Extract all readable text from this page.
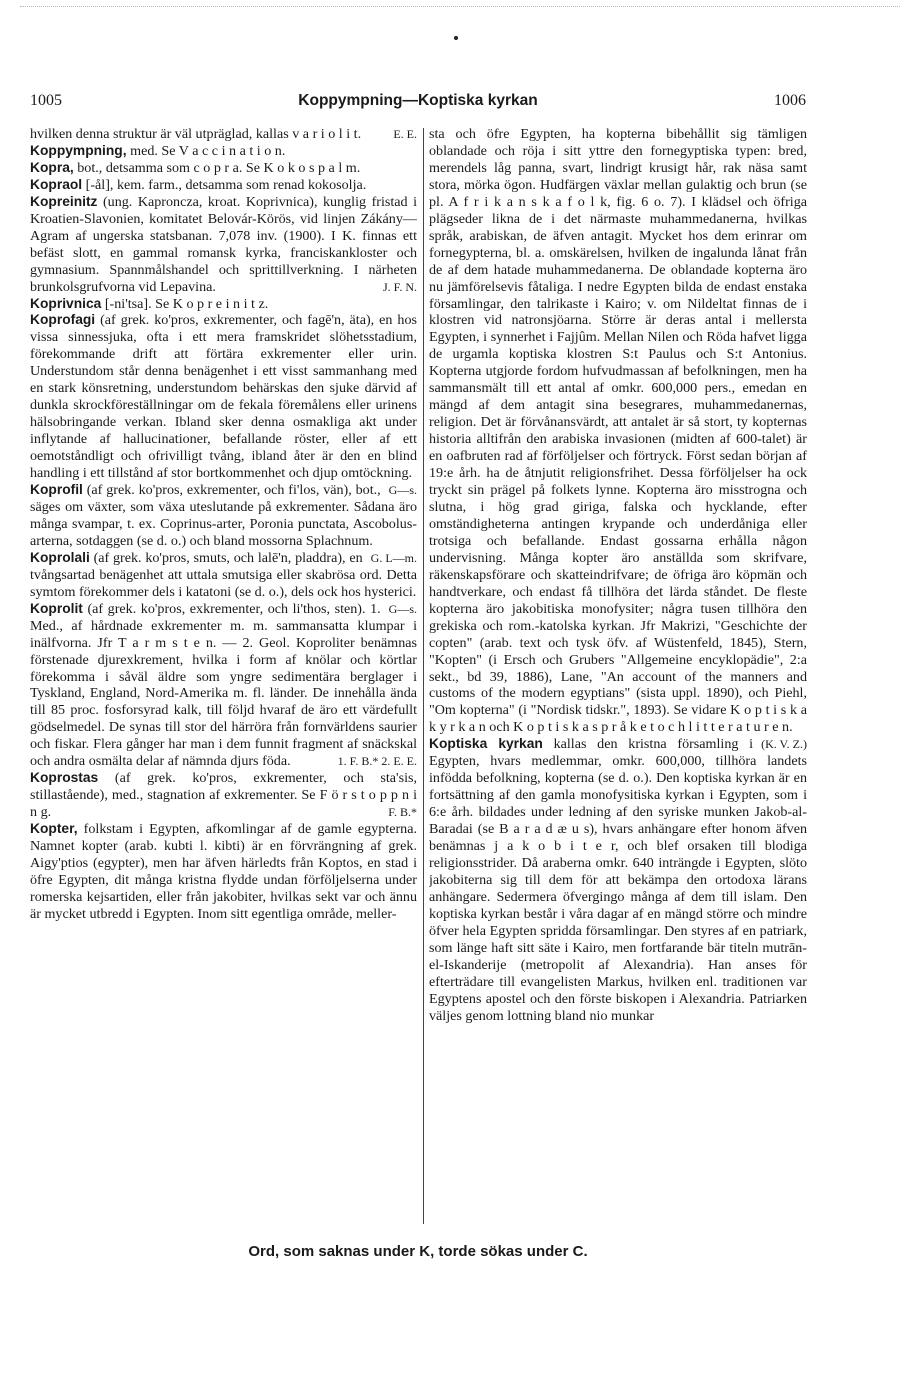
1005	Koppympning—Koptiska kyrkan	1006

hvilken denna struktur är väl utpräglad, kallas v a r i o l i t.	E. E.

Koppympning, med. Se V a c c i n a t i o n.

Kopra, bot., detsamma som c o p r a. Se K o k o s p a l m.

Kopraol [-ål], kem. farm., detsamma som renad kokosolja.

Kopreinitz (ung. Kaproncza, kroat. Koprivnica), kunglig fristad i Kroatien-Slavonien, komitatet Belovár-Körös, vid linjen Zákány—Agram af ungerska statsbanan. 7,078 inv. (1900). I K. finnas ett befäst slott, en gammal romansk kyrka, franciskankloster och gymnasium. Spannmålshandel och sprittillverkning. I närheten brunkolsgrufvorna vid Lepavina.	J. F. N.

Koprivnica [-ni'tsa]. Se K o p r e i n i t z.

Koprofagi (af grek. ko'pros, exkrementer, och fagē'n, äta), en hos vissa sinnessjuka, ofta i ett mera framskridet slöhetsstadium, förekommande drift att förtära exkrementer eller urin. Understundom står denna benägenhet i ett visst sammanhang med en stark könsretning, understundom behärskas den sjuke därvid af dunkla skrockföreställningar om de fekala föremålens eller urinens hälsobringande verkan. Ibland sker denna osmakliga akt under inflytande af hallucinationer, befallande röster, eller af ett oemotståndligt och ofrivilligt tvång, ibland åter är den en blind handling i ett tillstånd af stor bortkommenhet och djup omtöckning.
G—s.

Koprofil (af grek. ko'pros, exkrementer, och fi'los, vän), bot., säges om växter, som växa uteslutande på exkrementer. Sådana äro många svampar, t. ex. Coprinus-arter, Poronia punctata, Ascobolus-arterna, sotdaggen (se d. o.) och bland mossorna Splachnum.
G. L—m.

Koprolali (af grek. ko'pros, smuts, och lalē'n, pladdra), en tvångsartad benägenhet att uttala smutsiga eller skabrösa ord. Detta symtom förekommer dels i katatoni (se d. o.), dels ock hos hysterici.
G—s.

Koprolit (af grek. ko'pros, exkrementer, och li'thos, sten). 1. Med., af hårdnade exkrementer m. m. sammansatta klumpar i inälfvorna. Jfr T a r m s t e n. — 2. Geol. Koproliter benämnas förstenade djurexkrement, hvilka i form af knölar och körtlar förekomma i såväl äldre som yngre sedimentära berglager i Tyskland, England, Nord-Amerika m. fl. länder. De innehålla ända till 85 proc. fosforsyrad kalk, till följd hvaraf de äro ett värdefullt gödselmedel. De synas till stor del härröra från fornvärldens saurier och fiskar. Flera gånger har man i dem funnit fragment af snäckskal och andra osmälta delar af nämnda djurs föda.	1. F. B.* 2. E. E.

Koprostas (af grek. ko'pros, exkrementer, och sta'sis, stillastående), med., stagnation af exkrementer. Se F ö r s t o p p n i n g.	F. B.*

Kopter, folkstam i Egypten, afkomlingar af de gamle egypterna. Namnet kopter (arab. kubti l. kibti) är en förvrängning af grek. Aigy'ptios (egypter), men har äfven härledts från Koptos, en stad i öfre Egypten, dit många kristna flydde undan förföljelserna under romerska kejsartiden, eller från jakobiter, hvilkas sekt var och ännu är mycket utbredd i Egypten. Inom sitt egentliga område, meller-

sta och öfre Egypten, ha kopterna bibehållit sig tämligen oblandade och röja i sitt yttre den fornegyptiska typen: bred, merendels låg panna, svart, lindrigt krusigt hår, rak näsa samt stora, mörka ögon. Hudfärgen växlar mellan gulaktig och brun (se pl. A f r i k a n s k a f o l k, fig. 6 o. 7). I klädsel och öfriga plägseder likna de i det närmaste muhammedanerna, hvilkas språk, arabiskan, de äfven antagit. Mycket hos dem erinrar om fornegypterna, bl. a. omskärelsen, hvilken de ingalunda lånat från de af dem hatade muhammedanerna. De oblandade kopterna äro nu jämförelsevis fåtaliga. I nedre Egypten bilda de endast enstaka församlingar, den talrikaste i Kairo; v. om Nildeltat finnas de i klostren vid natronsjöarna. Större är deras antal i mellersta Egypten, i synnerhet i Fajjûm. Mellan Nilen och Röda hafvet ligga de urgamla koptiska klostren S:t Paulus och S:t Antonius. Kopterna utgjorde fordom hufvudmassan af befolkningen, men ha sammansmält till ett antal af omkr. 600,000 pers., emedan en mängd af dem antagit sina besegrares, muhammedanernas, religion. Det är förvånansvärdt, att antalet är så stort, ty kopternas historia alltifrån den arabiska invasionen (midten af 600-talet) är en oafbruten rad af förföljelser och förtryck. Först sedan början af 19:e årh. ha de åtnjutit religionsfrihet. Dessa förföljelser ha ock tryckt sin prägel på folkets lynne. Kopterna äro misstrogna och slutna, i hög grad giriga, falska och hycklande, efter omständigheterna antingen krypande och underdåniga eller trotsiga och befallande. Endast gossarna erhålla någon undervisning. Många kopter äro anställda som skrifvare, räkenskapsförare och skatteindrifvare; de öfriga äro köpmän och handtverkare, och endast få tillhöra det lärda ståndet. De fleste kopterna äro jakobitiska monofysiter; några tusen tillhöra den grekiska och rom.-katolska kyrkan. Jfr Makrizi, "Geschichte der copten" (arab. text och tysk öfv. af Wüstenfeld, 1845), Stern, "Kopten" (i Ersch och Grubers "Allgemeine encyklopädie", 2:a sekt., bd 39, 1886), Lane, "An account of the manners and customs of the modern egyptians" (sista uppl. 1890), och Piehl, "Om kopterna" (i "Nordisk tidskr.", 1893). Se vidare K o p t i s k a k y r k a n och K o p t i s k a s p r å k e t o c h l i t t e r a t u r e n.
(K. V. Z.)

Koptiska kyrkan kallas den kristna församling i Egypten, hvars medlemmar, omkr. 600,000, tillhöra landets infödda befolkning, kopterna (se d. o.). Den koptiska kyrkan är en fortsättning af den gamla monofysitiska kyrkan i Egypten, som i 6:e årh. bildades under ledning af den syriske munken Jakob-al-Baradai (se B a r a d æ u s), hvars anhängare efter honom äfven benämnas j a k o b i t e r, och blef orsaken till blodiga religionsstrider. Då araberna omkr. 640 inträngde i Egypten, slöto jakobiterna sig till dem för att bekämpa den ortodoxa lärans anhängare. Sedermera öfvergingo många af dem till islam. Den koptiska kyrkan består i våra dagar af en mängd större och mindre öfver hela Egypten spridda församlingar. Den styres af en patriark, som länge haft sitt säte i Kairo, men fortfarande bär titeln mutrān-el-Iskanderije (metropolit af Alexandria). Han anses för efterträdare till evangelisten Markus, hvilken enl. traditionen var Egyptens apostel och den förste biskopen i Alexandria. Patriarken väljes genom lottning bland nio munkar

Ord, som saknas under K, torde sökas under C.
